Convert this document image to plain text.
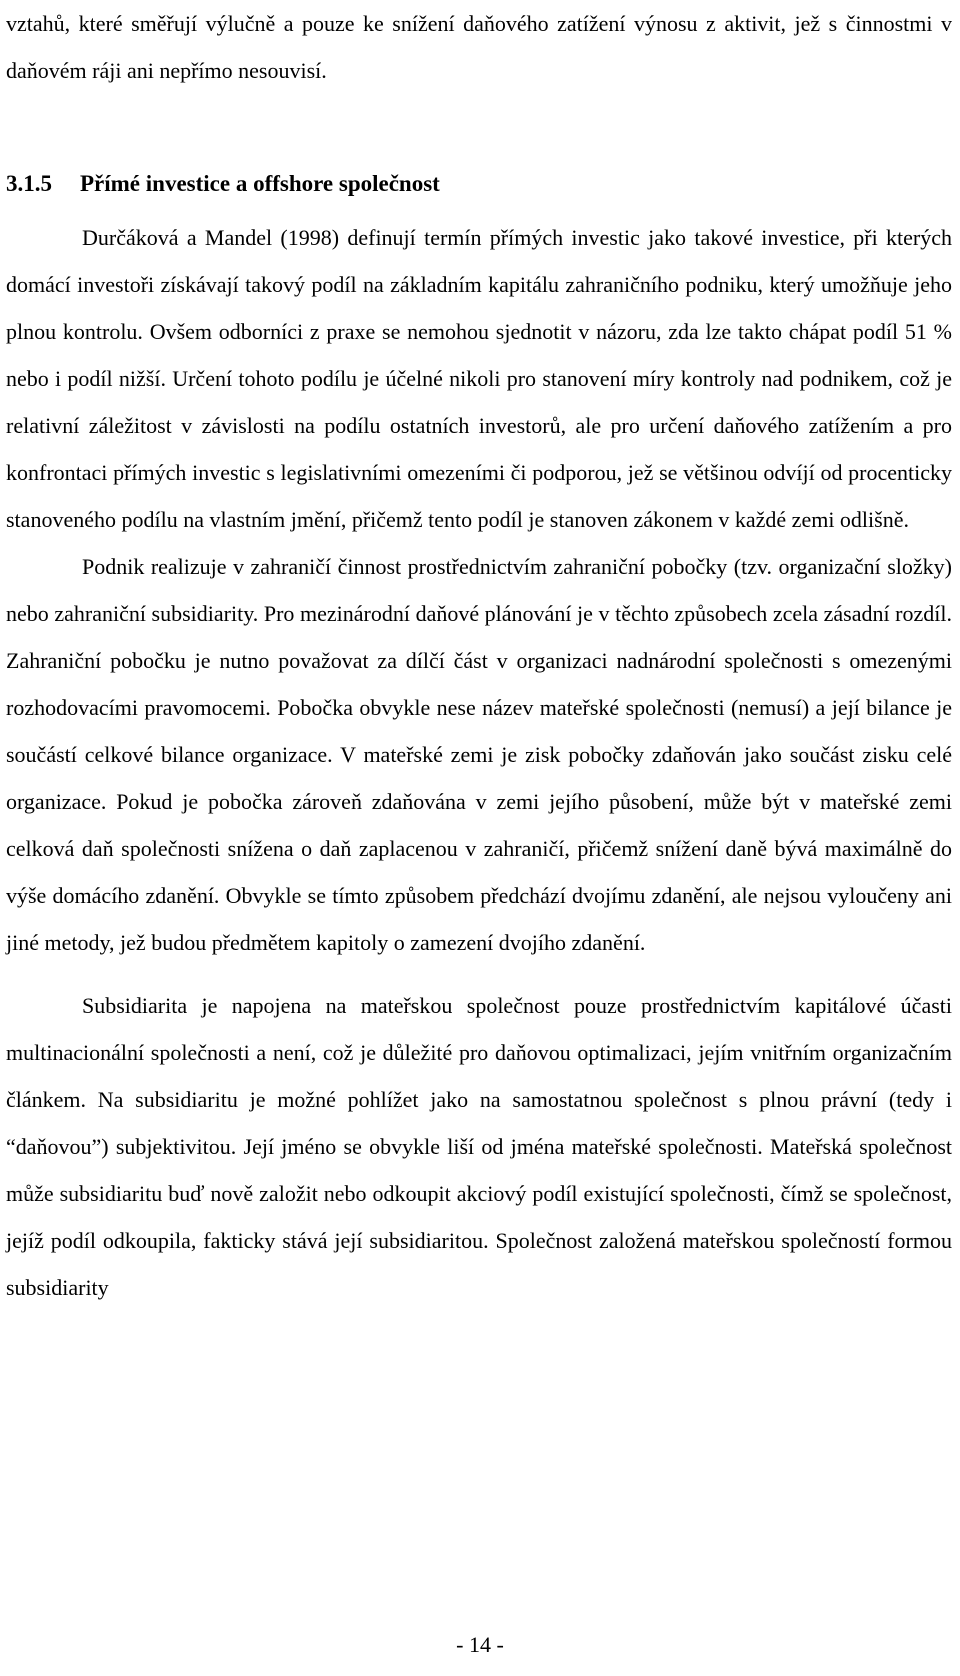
vztahů, které směřují výlučně a pouze ke snížení daňového zatížení výnosu z aktivit, jež s činnostmi v daňovém ráji ani nepřímo nesouvisí.

3.1.5 Přímé investice a offshore společnost

Durčáková a Mandel (1998) definují termín přímých investic jako takové investice, při kterých domácí investoři získávají takový podíl na základním kapitálu zahraničního podniku, který umožňuje jeho plnou kontrolu. Ovšem odborníci z praxe se nemohou sjednotit v názoru, zda lze takto chápat podíl 51 % nebo i podíl nižší. Určení tohoto podílu je účelné nikoli pro stanovení míry kontroly nad podnikem, což je relativní záležitost v závislosti na podílu ostatních investorů, ale pro určení daňového zatížením a pro konfrontaci přímých investic s legislativními omezeními či podporou, jež se většinou odvíjí od procenticky stanoveného podílu na vlastním jmění, přičemž tento podíl je stanoven zákonem v každé zemi odlišně.

Podnik realizuje v zahraničí činnost prostřednictvím zahraniční pobočky (tzv. organizační složky) nebo zahraniční subsidiarity. Pro mezinárodní daňové plánování je v těchto způsobech zcela zásadní rozdíl. Zahraniční pobočku je nutno považovat za dílčí část v organizaci nadnárodní společnosti s omezenými rozhodovacími pravomocemi. Pobočka obvykle nese název mateřské společnosti (nemusí) a její bilance je součástí celkové bilance organizace. V mateřské zemi je zisk pobočky zdaňován jako součást zisku celé organizace. Pokud je pobočka zároveň zdaňována v zemi jejího působení, může být v mateřské zemi celková daň společnosti snížena o daň zaplacenou v zahraničí, přičemž snížení daně bývá maximálně do výše domácího zdanění. Obvykle se tímto způsobem předchází dvojímu zdanění, ale nejsou vyloučeny ani jiné metody, jež budou předmětem kapitoly o zamezení dvojího zdanění.

Subsidiarita je napojena na mateřskou společnost pouze prostřednictvím kapitálové účasti multinacionální společnosti a není, což je důležité pro daňovou optimalizaci, jejím vnitřním organizačním článkem. Na subsidiaritu je možné pohlížet jako na samostatnou společnost s plnou právní (tedy i “daňovou”) subjektivitou. Její jméno se obvykle liší od jména mateřské společnosti. Mateřská společnost může subsidiaritu buď nově založit nebo odkoupit akciový podíl existující společnosti, čímž se společnost, jejíž podíl odkoupila, fakticky stává její subsidiaritou. Společnost založená mateřskou společností formou subsidiarity

- 14 -
